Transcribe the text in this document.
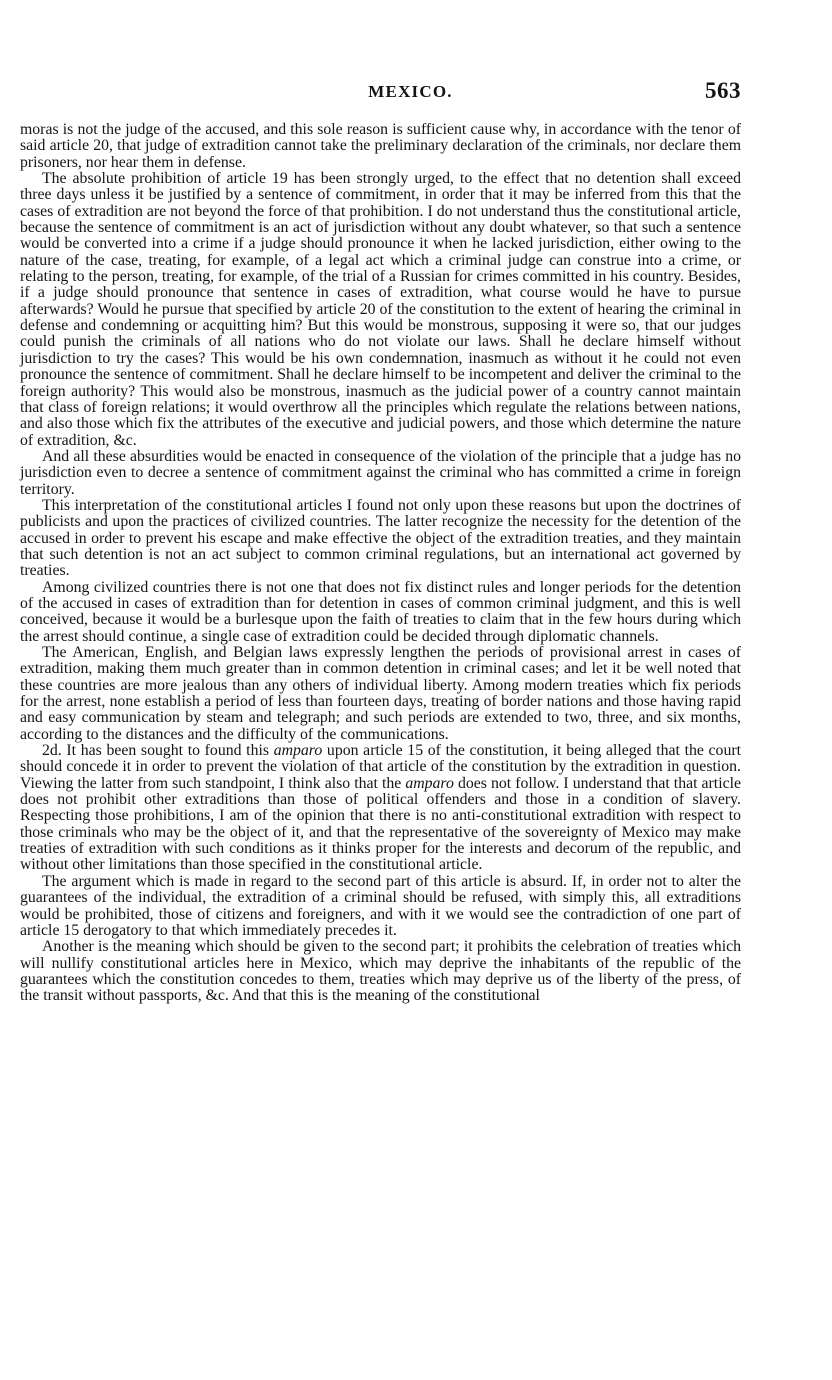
MEXICO.	563

moras is not the judge of the accused, and this sole reason is sufficient cause why, in accordance with the tenor of said article 20, that judge of extradition cannot take the preliminary declaration of the criminals, nor declare them prisoners, nor hear them in defense.

The absolute prohibition of article 19 has been strongly urged, to the effect that no detention shall exceed three days unless it be justified by a sentence of commitment, in order that it may be inferred from this that the cases of extradition are not beyond the force of that prohibition. I do not understand thus the constitutional article, because the sentence of commitment is an act of jurisdiction without any doubt whatever, so that such a sentence would be converted into a crime if a judge should pronounce it when he lacked jurisdiction, either owing to the nature of the case, treating, for example, of a legal act which a criminal judge can construe into a crime, or relating to the person, treating, for example, of the trial of a Russian for crimes committed in his country. Besides, if a judge should pronounce that sentence in cases of extradition, what course would he have to pursue afterwards? Would he pursue that specified by article 20 of the constitution to the extent of hearing the criminal in defense and condemning or acquitting him? But this would be monstrous, supposing it were so, that our judges could punish the criminals of all nations who do not violate our laws. Shall he declare himself without jurisdiction to try the cases? This would be his own condemnation, inasmuch as without it he could not even pronounce the sentence of commitment. Shall he declare himself to be incompetent and deliver the criminal to the foreign authority? This would also be monstrous, inasmuch as the judicial power of a country cannot maintain that class of foreign relations; it would overthrow all the principles which regulate the relations between nations, and also those which fix the attributes of the executive and judicial powers, and those which determine the nature of extradition, &c.

And all these absurdities would be enacted in consequence of the violation of the principle that a judge has no jurisdiction even to decree a sentence of commitment against the criminal who has committed a crime in foreign territory.

This interpretation of the constitutional articles I found not only upon these reasons but upon the doctrines of publicists and upon the practices of civilized countries. The latter recognize the necessity for the detention of the accused in order to prevent his escape and make effective the object of the extradition treaties, and they maintain that such detention is not an act subject to common criminal regulations, but an international act governed by treaties.

Among civilized countries there is not one that does not fix distinct rules and longer periods for the detention of the accused in cases of extradition than for detention in cases of common criminal judgment, and this is well conceived, because it would be a burlesque upon the faith of treaties to claim that in the few hours during which the arrest should continue, a single case of extradition could be decided through diplomatic channels.

The American, English, and Belgian laws expressly lengthen the periods of provisional arrest in cases of extradition, making them much greater than in common detention in criminal cases; and let it be well noted that these countries are more jealous than any others of individual liberty. Among modern treaties which fix periods for the arrest, none establish a period of less than fourteen days, treating of border nations and those having rapid and easy communication by steam and telegraph; and such periods are extended to two, three, and six months, according to the distances and the difficulty of the communications.

2d. It has been sought to found this amparo upon article 15 of the constitution, it being alleged that the court should concede it in order to prevent the violation of that article of the constitution by the extradition in question. Viewing the latter from such standpoint, I think also that the amparo does not follow. I understand that that article does not prohibit other extraditions than those of political offenders and those in a condition of slavery. Respecting those prohibitions, I am of the opinion that there is no anti-constitutional extradition with respect to those criminals who may be the object of it, and that the representative of the sovereignty of Mexico may make treaties of extradition with such conditions as it thinks proper for the interests and decorum of the republic, and without other limitations than those specified in the constitutional article.

The argument which is made in regard to the second part of this article is absurd. If, in order not to alter the guarantees of the individual, the extradition of a criminal should be refused, with simply this, all extraditions would be prohibited, those of citizens and foreigners, and with it we would see the contradiction of one part of article 15 derogatory to that which immediately precedes it.

Another is the meaning which should be given to the second part; it prohibits the celebration of treaties which will nullify constitutional articles here in Mexico, which may deprive the inhabitants of the republic of the guarantees which the constitution concedes to them, treaties which may deprive us of the liberty of the press, of the transit without passports, &c. And that this is the meaning of the constitutional
